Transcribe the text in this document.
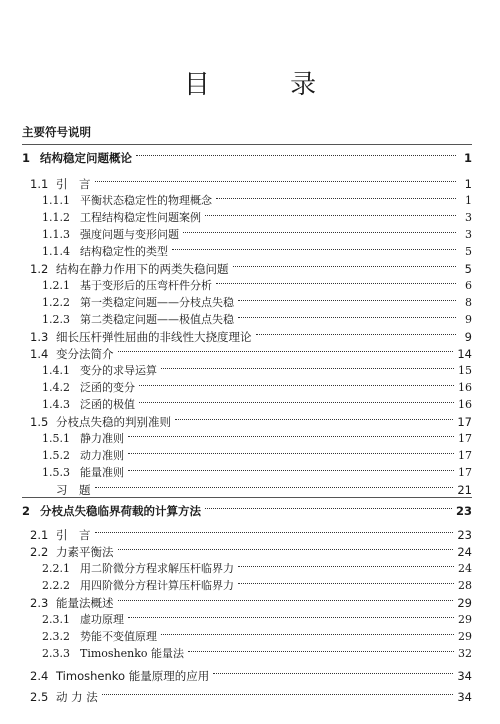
目 录
主要符号说明
1 结构稳定问题概论	1
1.1 引　言	1
1.1.1 平衡状态稳定性的物理概念	1
1.1.2 工程结构稳定性问题案例	3
1.1.3 强度问题与变形问题	3
1.1.4 结构稳定性的类型	5
1.2 结构在静力作用下的两类失稳问题	5
1.2.1 基于变形后的压弯杆件分析	6
1.2.2 第一类稳定问题——分枝点失稳	8
1.2.3 第二类稳定问题——极值点失稳	9
1.3 细长压杆弹性屈曲的非线性大挠度理论	9
1.4 变分法简介	14
1.4.1 变分的求导运算	15
1.4.2 泛函的变分	16
1.4.3 泛函的极值	16
1.5 分枝点失稳的判别准则	17
1.5.1 静力准则	17
1.5.2 动力准则	17
1.5.3 能量准则	17
习　题	21
2 分枝点失稳临界荷载的计算方法	23
2.1 引　言	23
2.2 力素平衡法	24
2.2.1 用二阶微分方程求解压杆临界力	24
2.2.2 用四阶微分方程计算压杆临界力	28
2.3 能量法概述	29
2.3.1 虚功原理	29
2.3.2 势能不变值原理	29
2.3.3 Timoshenko 能量法	32
2.4 Timoshenko 能量原理的应用	34
2.5 动 力 法	34
